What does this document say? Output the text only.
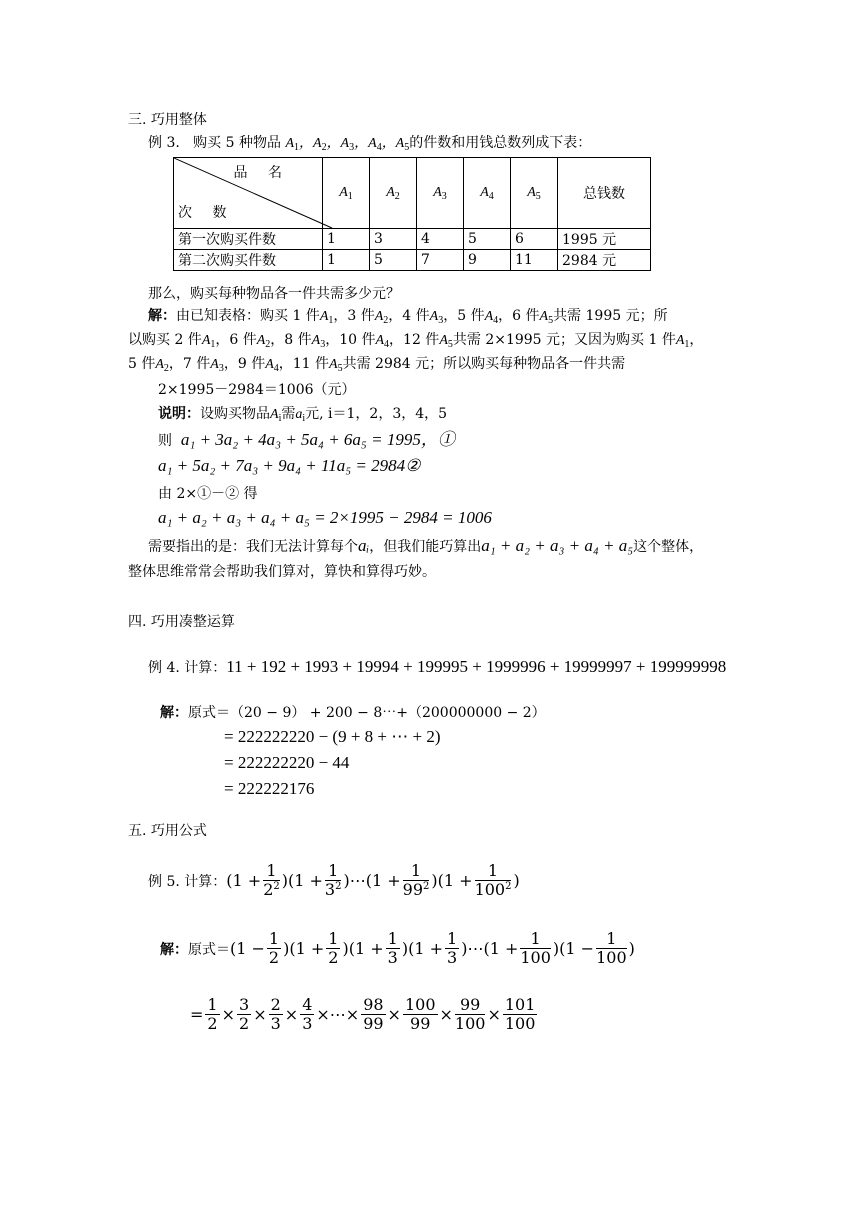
三. 巧用整体
例 3. 购买 5 种物品 $A_1$，$A_2$，$A_3$，$A_4$，$A_5$的件数和用钱总数列成下表：
品 名
次 数	$A_1$	$A_2$	$A_3$	$A_4$	$A_5$	总钱数
第一次购买件数	1	3	4	5	6	1995 元
第二次购买件数	1	5	7	9	11	2984 元
那么，购买每种物品各一件共需多少元？
解：由已知表格：购买 1 件$A_1$，3 件$A_2$，4 件$A_3$，5 件$A_4$，6 件$A_5$共需 1995 元；所
以购买 2 件$A_1$，6 件$A_2$，8 件$A_3$，10 件$A_4$，12 件$A_5$共需 2×1995 元；又因为购买 1 件$A_1$，
5 件$A_2$，7 件$A_3$，9 件$A_4$，11 件$A_5$共需 2984 元；所以购买每种物品各一件共需
2×1995－2984＝1006（元）
说明：设购买物品$A_i$需$a_i$元, i＝1，2，3，4，5
则 a₁ + 3a₂ + 4a₃ + 5a₄ + 6a₅ = 1995，①
a₁ + 5a₂ + 7a₃ + 9a₄ + 11a₅ = 2984②
由 2×①－② 得
a₁ + a₂ + a₃ + a₄ + a₅ = 2×1995 − 2984 = 1006
需要指出的是：我们无法计算每个aᵢ，但我们能巧算出a₁ + a₂ + a₃ + a₄ + a₅这个整体，
整体思维常常会帮助我们算对，算快和算得巧妙。
四. 巧用凑整运算
例 4. 计算：11 + 192 + 1993 + 19994 + 199995 + 1999996 + 19999997 + 199999998
解：原式＝（20 − 9） + 200 − 8⋯+（200000000 − 2）
= 222222220 − (9 + 8 + ⋯ + 2)
= 222222220 − 44
= 222222176
五. 巧用公式
例 5. 计算： ( $1 + \frac{1}{2^2}$ ) ( $1 + \frac{1}{3^2}$ ) ⋯ ( $1 + \frac{1}{99^2}$ ) ( $1 + \frac{1}{100^2}$ )
解： 原式＝ ( $1 - \frac{1}{2}$ ) ( $1 + \frac{1}{2}$ ) ( $1 + \frac{1}{3}$ ) ( $1 + \frac{1}{3}$ ) ⋯ ( $1 + \frac{1}{100}$ ) ( $1 - \frac{1}{100}$ )
= $\frac{1}{2} \times \frac{3}{2} \times \frac{2}{3} \times \frac{4}{3}$ × ⋯ × $\frac{98}{99} \times \frac{100}{99} \times \frac{99}{100} \times \frac{101}{100}$
